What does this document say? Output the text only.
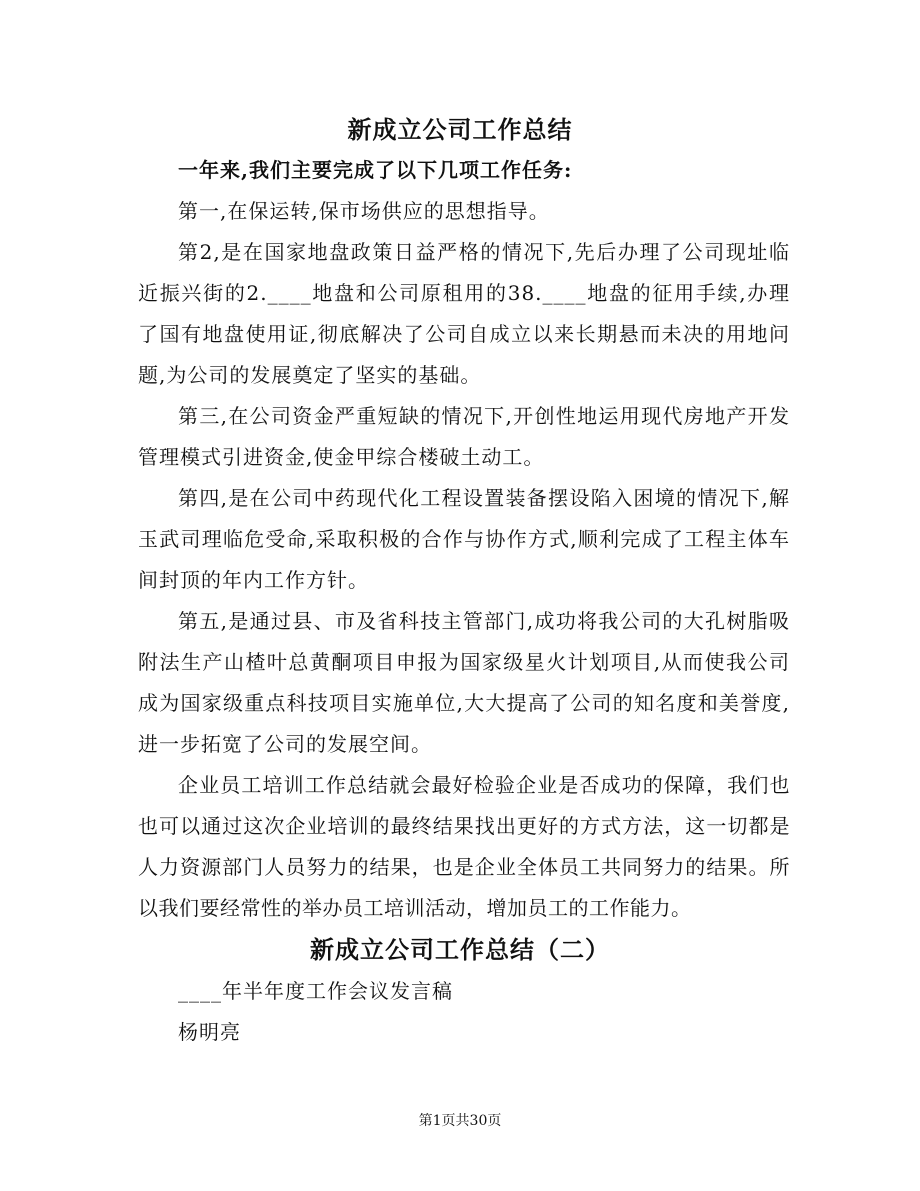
新成立公司工作总结

一年来,我们主要完成了以下几项工作任务:

第一,在保运转,保市场供应的思想指导。

第2,是在国家地盘政策日益严格的情况下,先后办理了公司现址临近振兴街的2.____地盘和公司原租用的38.____地盘的征用手续,办理了国有地盘使用证,彻底解决了公司自成立以来长期悬而未决的用地问题,为公司的发展奠定了坚实的基础。

第三,在公司资金严重短缺的情况下,开创性地运用现代房地产开发管理模式引进资金,使金甲综合楼破土动工。

第四,是在公司中药现代化工程设置装备摆设陷入困境的情况下,解玉武司理临危受命,采取积极的合作与协作方式,顺利完成了工程主体车间封顶的年内工作方针。

第五,是通过县、市及省科技主管部门,成功将我公司的大孔树脂吸附法生产山楂叶总黄酮项目申报为国家级星火计划项目,从而使我公司成为国家级重点科技项目实施单位,大大提高了公司的知名度和美誉度,进一步拓宽了公司的发展空间。

企业员工培训工作总结就会最好检验企业是否成功的保障，我们也也可以通过这次企业培训的最终结果找出更好的方式方法，这一切都是人力资源部门人员努力的结果，也是企业全体员工共同努力的结果。所以我们要经常性的举办员工培训活动，增加员工的工作能力。

新成立公司工作总结（二）

____年半年度工作会议发言稿

杨明亮

第1页共30页
